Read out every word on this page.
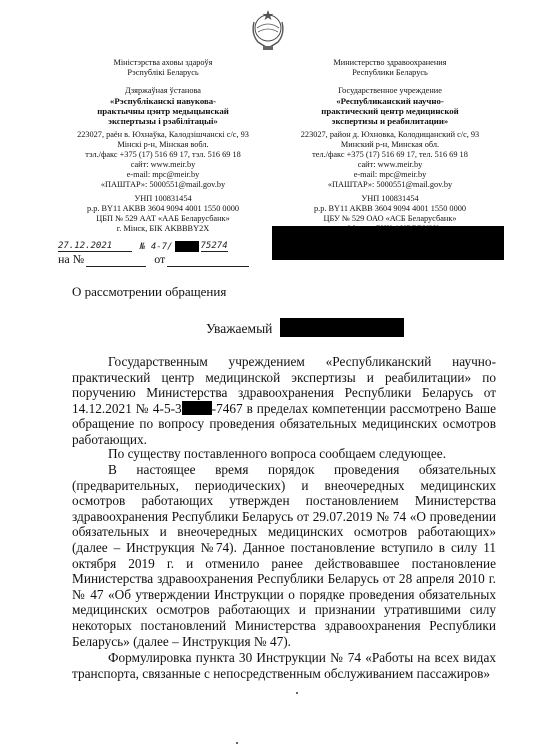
Міністэрства аховы здароўя
Рэспублікі Беларусь

Дзяржаўная ўстанова

«Рэспубліканскі навукова-
практычны цэнтр медыцынскай
экспертызы і рэабілітацыі»

223027, раён в. Юхнаўка, Калодзішчанскі с/с, 93
Мінскі р-н, Мінская вобл.

тэл./факс +375 (17) 516 69 17, тэл. 516 69 18

сайт: www.meir.by

e-mail: mpc@meir.by

«ПАШТАР»: 5000551@mail.gov.by

УНП 100831454

р.р. BY11 AKBB 3604 9094 4001 1550 0000

ЦБП № 529 ААТ «ААБ Беларусбанк»

г. Мінск, БІК AKBBBY2X

Министерство здравоохранения
Республики Беларусь

Государственное учреждение

«Республиканский научно-
практический центр медицинской
экспертизы и реабилитации»

223027, район д. Юхновка, Колодищанский с/с, 93
Минский р-н, Минская обл.

тел./факс +375 (17) 516 69 17, тел. 516 69 18

сайт: www.meir.by

e-mail: mpc@meir.by

«ПАШТАР»: 5000551@mail.gov.by

УНП 100831454

р.р. BY11 AKBB 3604 9094 4001 1550 0000

ЦБУ № 529 ОАО «АСБ Беларусбанк»

27.12.2021	№ 4-7/	75274
на №	от
О рассмотрении обращения
Уважаемый

Государственным учреждением «Республиканский научно-практический центр медицинской экспертизы и реабилитации» по поручению Министерства здравоохранения Республики Беларусь от 14.12.2021 № 4-5-3 -7467 в пределах компетенции рассмотрено Ваше обращение по вопросу проведения обязательных медицинских осмотров работающих.

По существу поставленного вопроса сообщаем следующее.

В настоящее время порядок проведения обязательных (предварительных, периодических) и внеочередных медицинских осмотров работающих утвержден постановлением Министерства здравоохранения Республики Беларусь от 29.07.2019 № 74 «О проведении обязательных и внеочередных медицинских осмотров работающих» (далее – Инструкция №74). Данное постановление вступило в силу 11 октября 2019 г. и отменило ранее действовавшее постановление Министерства здравоохранения Республики Беларусь от 28 апреля 2010 г. № 47 «Об утверждении Инструкции о порядке проведения обязательных медицинских осмотров работающих и признании утратившими силу некоторых постановлений Министерства здравоохранения Республики Беларусь» (далее – Инструкция № 47).

Формулировка пункта 30 Инструкции № 74 «Работы на всех видах транспорта, связанные с непосредственным обслуживанием пассажиров»
